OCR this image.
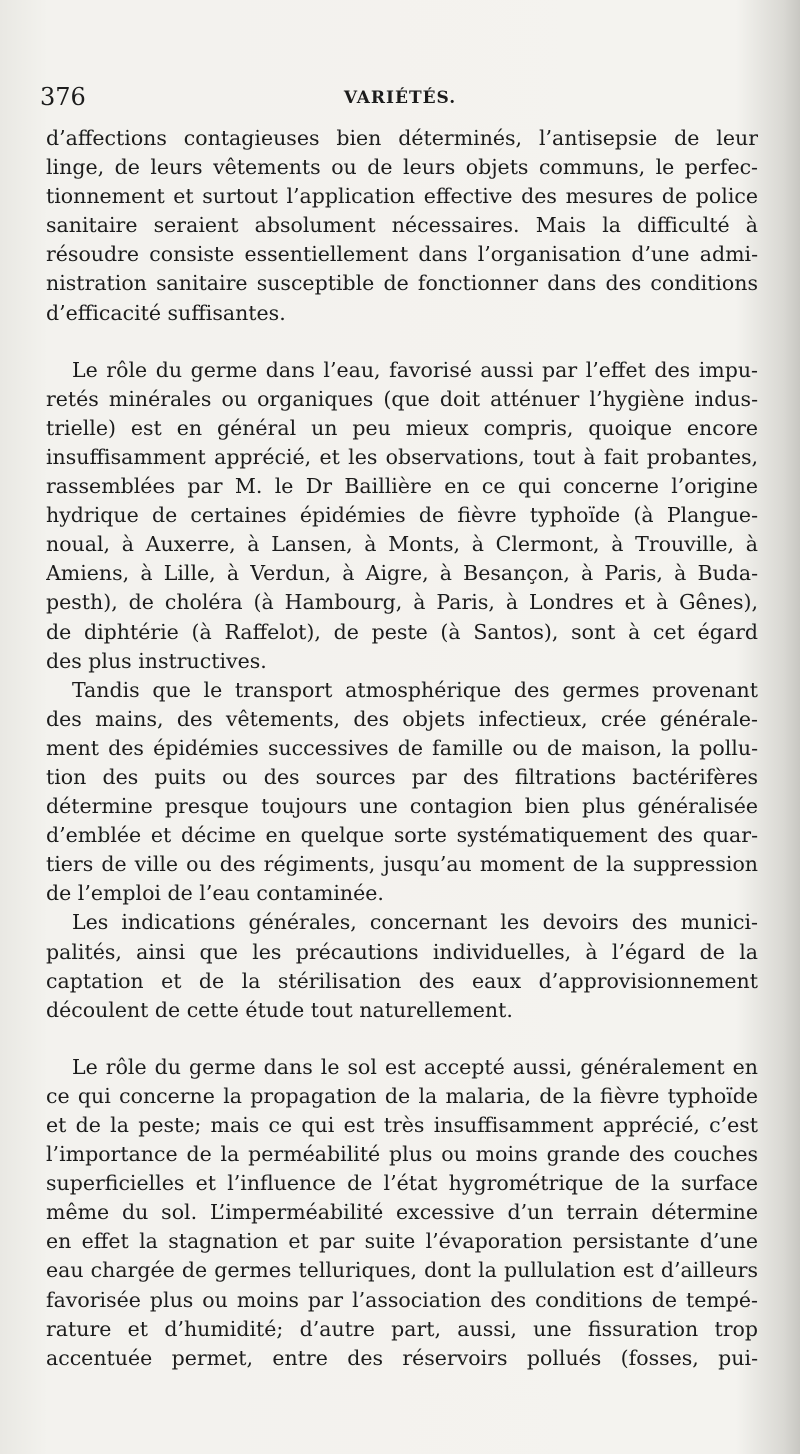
376	VARIÉTÉS.
d’affections contagieuses bien déterminés, l’antisepsie de leur
linge, de leurs vêtements ou de leurs objets communs, le perfec-
tionnement et surtout l’application effective des mesures de police
sanitaire seraient absolument nécessaires. Mais la difficulté à
résoudre consiste essentiellement dans l’organisation d’une admi-
nistration sanitaire susceptible de fonctionner dans des conditions
d’efficacité suffisantes.
Le rôle du germe dans l’eau, favorisé aussi par l’effet des impu-
retés minérales ou organiques (que doit atténuer l’hygiène indus-
trielle) est en général un peu mieux compris, quoique encore
insuffisamment apprécié, et les observations, tout à fait probantes,
rassemblées par M. le Dr Baillière en ce qui concerne l’origine
hydrique de certaines épidémies de fièvre typhoïde (à Plangue-
noual, à Auxerre, à Lansen, à Monts, à Clermont, à Trouville, à
Amiens, à Lille, à Verdun, à Aigre, à Besançon, à Paris, à Buda-
pesth), de choléra (à Hambourg, à Paris, à Londres et à Gênes),
de diphtérie (à Raffelot), de peste (à Santos), sont à cet égard
des plus instructives.
Tandis que le transport atmosphérique des germes provenant
des mains, des vêtements, des objets infectieux, crée générale-
ment des épidémies successives de famille ou de maison, la pollu-
tion des puits ou des sources par des filtrations bactérifères
détermine presque toujours une contagion bien plus généralisée
d’emblée et décime en quelque sorte systématiquement des quar-
tiers de ville ou des régiments, jusqu’au moment de la suppression
de l’emploi de l’eau contaminée.
Les indications générales, concernant les devoirs des munici-
palités, ainsi que les précautions individuelles, à l’égard de la
captation et de la stérilisation des eaux d’approvisionnement
découlent de cette étude tout naturellement.
Le rôle du germe dans le sol est accepté aussi, généralement en
ce qui concerne la propagation de la malaria, de la fièvre typhoïde
et de la peste; mais ce qui est très insuffisamment apprécié, c’est
l’importance de la perméabilité plus ou moins grande des couches
superficielles et l’influence de l’état hygrométrique de la surface
même du sol. L’imperméabilité excessive d’un terrain détermine
en effet la stagnation et par suite l’évaporation persistante d’une
eau chargée de germes telluriques, dont la pullulation est d’ailleurs
favorisée plus ou moins par l’association des conditions de tempé-
rature et d’humidité; d’autre part, aussi, une fissuration trop
accentuée permet, entre des réservoirs pollués (fosses, pui-
